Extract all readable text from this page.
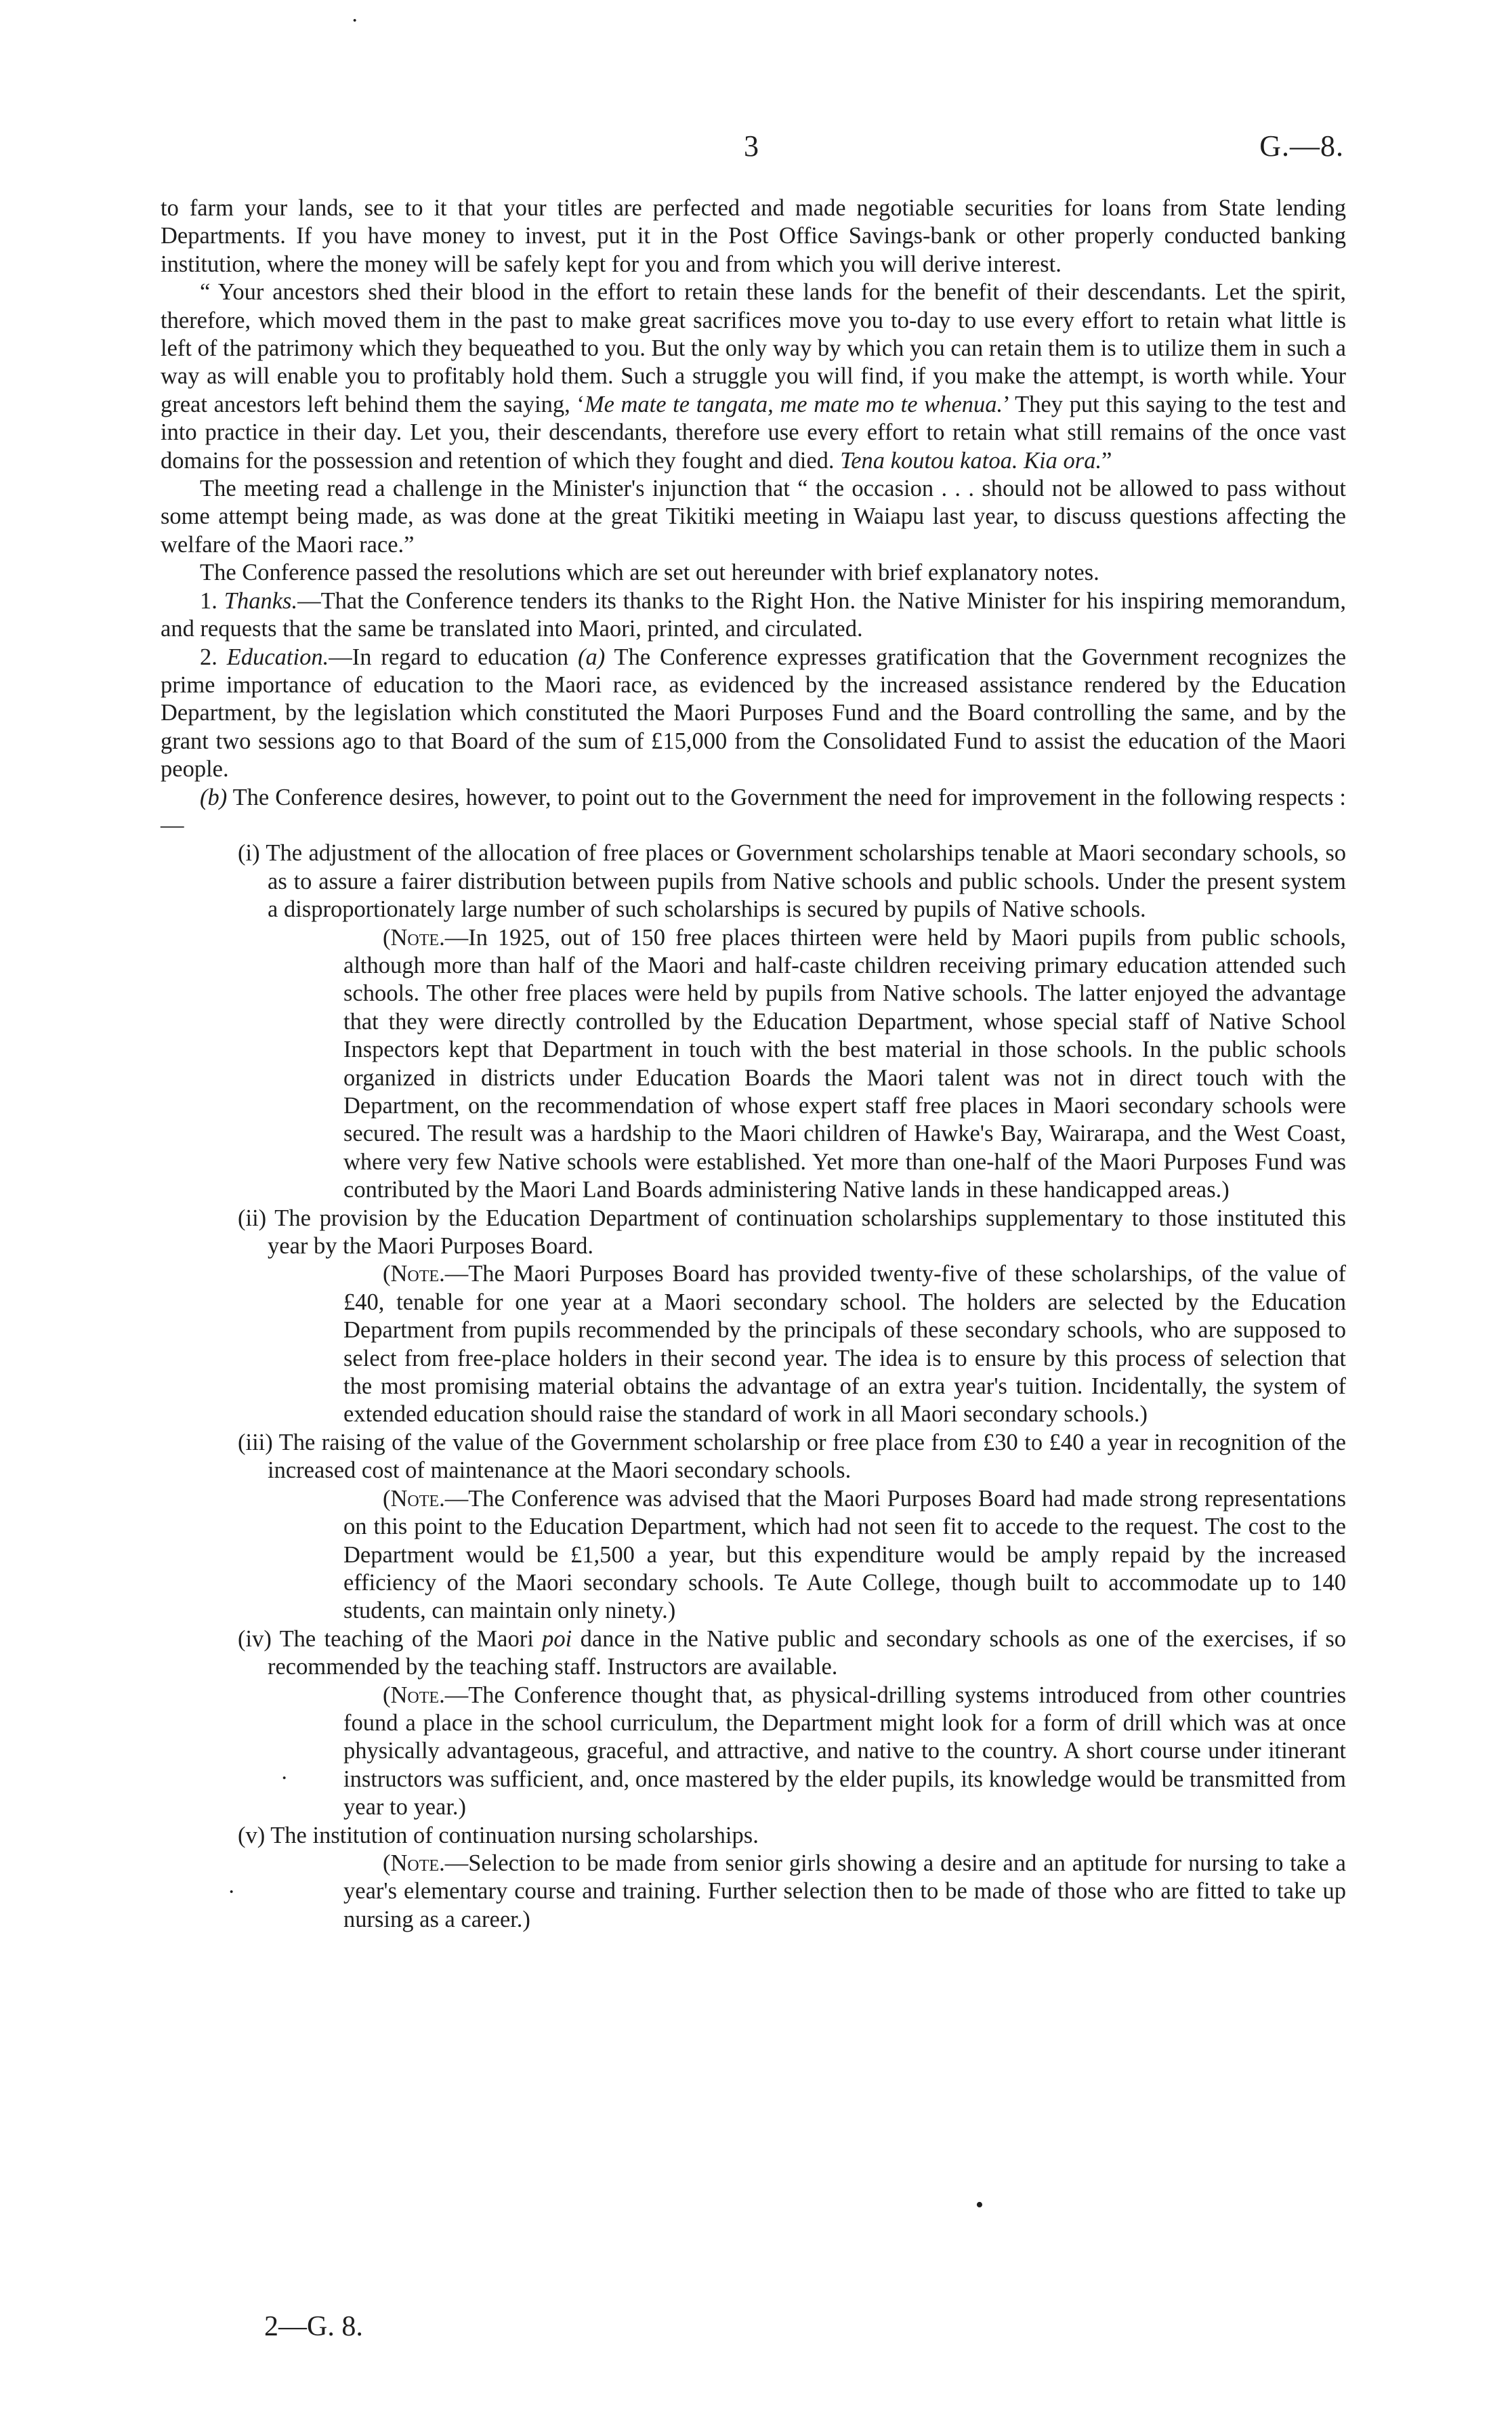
3	G.—8.

to farm your lands, see to it that your titles are perfected and made negotiable securities for loans from State lending Departments. If you have money to invest, put it in the Post Office Savings-bank or other properly conducted banking institution, where the money will be safely kept for you and from which you will derive interest.

“ Your ancestors shed their blood in the effort to retain these lands for the benefit of their descendants. Let the spirit, therefore, which moved them in the past to make great sacrifices move you to-day to use every effort to retain what little is left of the patrimony which they bequeathed to you. But the only way by which you can retain them is to utilize them in such a way as will enable you to profitably hold them. Such a struggle you will find, if you make the attempt, is worth while. Your great ancestors left behind them the saying, ‘Me mate te tangata, me mate mo te whenua.’ They put this saying to the test and into practice in their day. Let you, their descendants, therefore use every effort to retain what still remains of the once vast domains for the possession and retention of which they fought and died. Tena koutou katoa. Kia ora.”

The meeting read a challenge in the Minister's injunction that “ the occasion . . . should not be allowed to pass without some attempt being made, as was done at the great Tikitiki meeting in Waiapu last year, to discuss questions affecting the welfare of the Maori race.”

The Conference passed the resolutions which are set out hereunder with brief explanatory notes.

1. Thanks.—That the Conference tenders its thanks to the Right Hon. the Native Minister for his inspiring memorandum, and requests that the same be translated into Maori, printed, and circulated.

2. Education.—In regard to education (a) The Conference expresses gratification that the Government recognizes the prime importance of education to the Maori race, as evidenced by the increased assistance rendered by the Education Department, by the legislation which constituted the Maori Purposes Fund and the Board controlling the same, and by the grant two sessions ago to that Board of the sum of £15,000 from the Consolidated Fund to assist the education of the Maori people.

(b) The Conference desires, however, to point out to the Government the need for improvement in the following respects :—

(i) The adjustment of the allocation of free places or Government scholarships tenable at Maori secondary schools, so as to assure a fairer distribution between pupils from Native schools and public schools. Under the present system a disproportionately large number of such scholarships is secured by pupils of Native schools.

(Note.—In 1925, out of 150 free places thirteen were held by Maori pupils from public schools, although more than half of the Maori and half-caste children receiving primary education attended such schools. The other free places were held by pupils from Native schools. The latter enjoyed the advantage that they were directly controlled by the Education Department, whose special staff of Native School Inspectors kept that Department in touch with the best material in those schools. In the public schools organized in districts under Education Boards the Maori talent was not in direct touch with the Department, on the recommendation of whose expert staff free places in Maori secondary schools were secured. The result was a hardship to the Maori children of Hawke's Bay, Wairarapa, and the West Coast, where very few Native schools were established. Yet more than one-half of the Maori Purposes Fund was contributed by the Maori Land Boards administering Native lands in these handicapped areas.)

(ii) The provision by the Education Department of continuation scholarships supplementary to those instituted this year by the Maori Purposes Board.

(Note.—The Maori Purposes Board has provided twenty-five of these scholarships, of the value of £40, tenable for one year at a Maori secondary school. The holders are selected by the Education Department from pupils recommended by the principals of these secondary schools, who are supposed to select from free-place holders in their second year. The idea is to ensure by this process of selection that the most promising material obtains the advantage of an extra year's tuition. Incidentally, the system of extended education should raise the standard of work in all Maori secondary schools.)

(iii) The raising of the value of the Government scholarship or free place from £30 to £40 a year in recognition of the increased cost of maintenance at the Maori secondary schools.

(Note.—The Conference was advised that the Maori Purposes Board had made strong representations on this point to the Education Department, which had not seen fit to accede to the request. The cost to the Department would be £1,500 a year, but this expenditure would be amply repaid by the increased efficiency of the Maori secondary schools. Te Aute College, though built to accommodate up to 140 students, can maintain only ninety.)

(iv) The teaching of the Maori poi dance in the Native public and secondary schools as one of the exercises, if so recommended by the teaching staff. Instructors are available.

(Note.—The Conference thought that, as physical-drilling systems introduced from other countries found a place in the school curriculum, the Department might look for a form of drill which was at once physically advantageous, graceful, and attractive, and native to the country. A short course under itinerant instructors was sufficient, and, once mastered by the elder pupils, its knowledge would be transmitted from year to year.)

(v) The institution of continuation nursing scholarships.

(Note.—Selection to be made from senior girls showing a desire and an aptitude for nursing to take a year's elementary course and training. Further selection then to be made of those who are fitted to take up nursing as a career.)

2—G. 8.
·
·
·
•
